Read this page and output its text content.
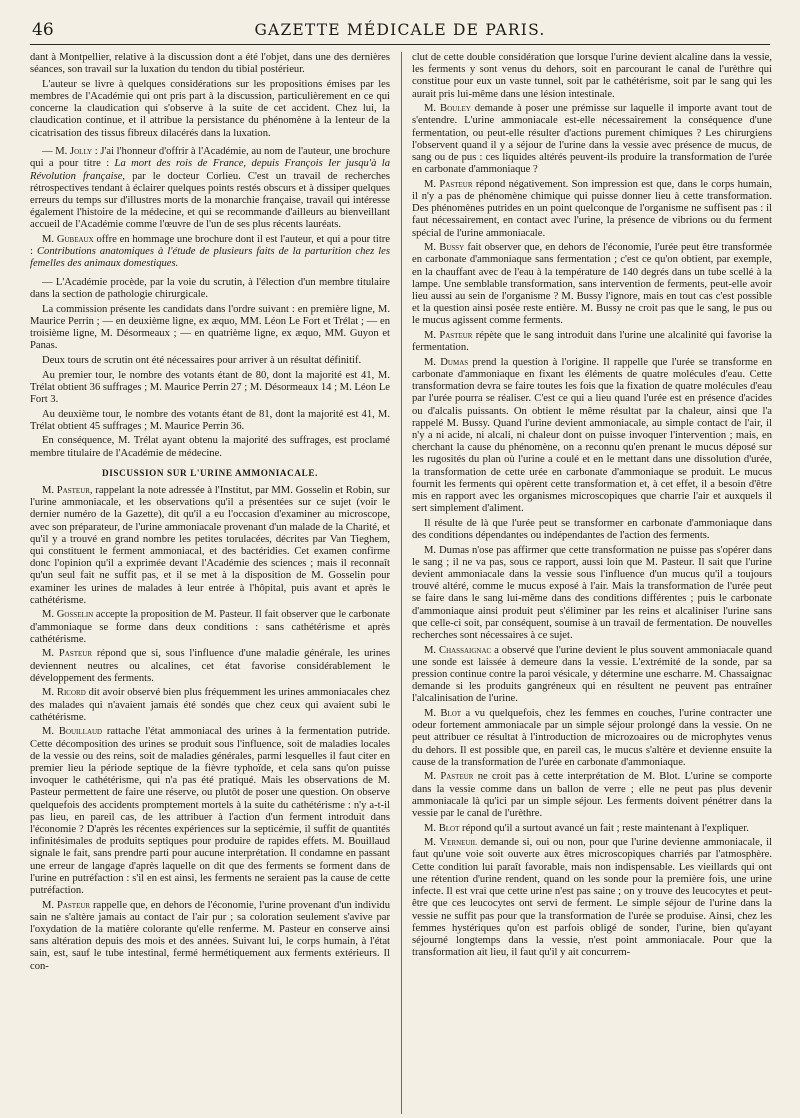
46	GAZETTE MÉDICALE DE PARIS.

dant à Montpellier, relative à la discussion dont a été l'objet, dans une des dernières séances, son travail sur la luxation du tendon du tibial postérieur.

L'auteur se livre à quelques considérations sur les propositions émises par les membres de l'Académie qui ont pris part à la discussion, particulièrement en ce qui concerne la claudication qui s'observe à la suite de cet accident. Chez lui, la claudication continue, et il attribue la persistance du phénomène à la lenteur de la cicatrisation des tissus fibreux dilacérés dans la luxation.

— M. Jolly : J'ai l'honneur d'offrir à l'Académie, au nom de l'auteur, une brochure qui a pour titre : La mort des rois de France, depuis François Ier jusqu'à la Révolution française, par le docteur Corlieu. C'est un travail de recherches rétrospectives tendant à éclairer quelques points restés obscurs et à dissiper quelques erreurs du temps sur d'illustres morts de la monarchie française, travail qui intéresse également l'histoire de la médecine, et qui se recommande d'ailleurs au bienveillant accueil de l'Académie comme l'œuvre de l'un de ses plus récents lauréats.

M. Gubeaux offre en hommage une brochure dont il est l'auteur, et qui a pour titre : Contributions anatomiques à l'étude de plusieurs faits de la parturition chez les femelles des animaux domestiques.

— L'Académie procède, par la voie du scrutin, à l'élection d'un membre titulaire dans la section de pathologie chirurgicale.

La commission présente les candidats dans l'ordre suivant : en première ligne, M. Maurice Perrin ; — en deuxième ligne, ex æquo, MM. Léon Le Fort et Trélat ; — en troisième ligne, M. Désormeaux ; — en quatrième ligne, ex æquo, MM. Guyon et Panas.

Deux tours de scrutin ont été nécessaires pour arriver à un résultat définitif.

Au premier tour, le nombre des votants étant de 80, dont la majorité est 41, M. Trélat obtient 36 suffrages ; M. Maurice Perrin 27 ; M. Désormeaux 14 ; M. Léon Le Fort 3.

Au deuxième tour, le nombre des votants étant de 81, dont la majorité est 41, M. Trélat obtient 45 suffrages ; M. Maurice Perrin 36.

En conséquence, M. Trélat ayant obtenu la majorité des suffrages, est proclamé membre titulaire de l'Académie de médecine.

DISCUSSION SUR L'URINE AMMONIACALE.

M. Pasteur, rappelant la note adressée à l'Institut, par MM. Gosselin et Robin, sur l'urine ammoniacale, et les observations qu'il a présentées sur ce sujet (voir le dernier numéro de la Gazette), dit qu'il a eu l'occasion d'examiner au microscope, avec son préparateur, de l'urine ammoniacale provenant d'un malade de la Charité, et qu'il y a trouvé en grand nombre les petites torulacées, décrites par Van Tieghem, qui constituent le ferment ammoniacal, et des bactéridies. Cet examen confirme donc l'opinion qu'il a exprimée devant l'Académie des sciences ; mais il reconnaît qu'un seul fait ne suffit pas, et il se met à la disposition de M. Gosselin pour examiner les urines de malades à leur entrée à l'hôpital, puis avant et après le cathétérisme.

M. Gosselin accepte la proposition de M. Pasteur. Il fait observer que le carbonate d'ammoniaque se forme dans deux conditions : sans cathétérisme et après cathétérisme.

M. Pasteur répond que si, sous l'influence d'une maladie générale, les urines deviennent neutres ou alcalines, cet état favorise considérablement le développement des ferments.

M. Ricord dit avoir observé bien plus fréquemment les urines ammoniacales chez des malades qui n'avaient jamais été sondés que chez ceux qui avaient subi le cathétérisme.

M. Bouillaud rattache l'état ammoniacal des urines à la fermentation putride. Cette décomposition des urines se produit sous l'influence, soit de maladies locales de la vessie ou des reins, soit de maladies générales, parmi lesquelles il faut citer en premier lieu la période septique de la fièvre typhoïde, et cela sans qu'on puisse invoquer le cathétérisme, qui n'a pas été pratiqué. Mais les observations de M. Pasteur permettent de faire une réserve, ou plutôt de poser une question. On observe quelquefois des accidents promptement mortels à la suite du cathétérisme : n'y a-t-il pas lieu, en pareil cas, de les attribuer à l'action d'un ferment introduit dans l'économie ? D'après les récentes expériences sur la septicémie, il suffit de quantités infinitésimales de produits septiques pour produire de rapides effets. M. Bouillaud signale le fait, sans prendre parti pour aucune interprétation. Il condamne en passant une erreur de langage d'après laquelle on dit que des ferments se forment dans de l'urine en putréfaction : s'il en est ainsi, les ferments ne seraient pas la cause de cette putréfaction.

M. Pasteur rappelle que, en dehors de l'économie, l'urine provenant d'un individu sain ne s'altère jamais au contact de l'air pur ; sa coloration seulement s'avive par l'oxydation de la matière colorante qu'elle renferme. M. Pasteur en conserve ainsi sans altération depuis des mois et des années. Suivant lui, le corps humain, à l'état sain, est, sauf le tube intestinal, fermé hermétiquement aux ferments extérieurs. Il con-

clut de cette double considération que lorsque l'urine devient alcaline dans la vessie, les ferments y sont venus du dehors, soit en parcourant le canal de l'urèthre qui constitue pour eux un vaste tunnel, soit par le cathétérisme, soit par le sang qui les aurait pris lui-même dans une lésion intestinale.

M. Bouley demande à poser une prémisse sur laquelle il importe avant tout de s'entendre. L'urine ammoniacale est-elle nécessairement la conséquence d'une fermentation, ou peut-elle résulter d'actions purement chimiques ? Les chirurgiens l'observent quand il y a séjour de l'urine dans la vessie avec présence de mucus, de sang ou de pus : ces liquides altérés peuvent-ils produire la transformation de l'urée en carbonate d'ammoniaque ?

M. Pasteur répond négativement. Son impression est que, dans le corps humain, il n'y a pas de phénomène chimique qui puisse donner lieu à cette transformation. Des phénomènes putrides en un point quelconque de l'organisme ne suffisent pas : il faut nécessairement, en contact avec l'urine, la présence de vibrions ou du ferment spécial de l'urine ammoniacale.

M. Bussy fait observer que, en dehors de l'économie, l'urée peut être transformée en carbonate d'ammoniaque sans fermentation ; c'est ce qu'on obtient, par exemple, en la chauffant avec de l'eau à la température de 140 degrés dans un tube scellé à la lampe. Une semblable transformation, sans intervention de ferments, peut-elle avoir lieu aussi au sein de l'organisme ? M. Bussy l'ignore, mais en tout cas c'est possible et la question ainsi posée reste entière. M. Bussy ne croit pas que le sang, le pus ou le mucus agissent comme ferments.

M. Pasteur répète que le sang introduit dans l'urine une alcalinité qui favorise la fermentation.

M. Dumas prend la question à l'origine. Il rappelle que l'urée se transforme en carbonate d'ammoniaque en fixant les éléments de quatre molécules d'eau. Cette transformation devra se faire toutes les fois que la fixation de quatre molécules d'eau par l'urée pourra se réaliser. C'est ce qui a lieu quand l'urée est en présence d'acides ou d'alcalis puissants. On obtient le même résultat par la chaleur, ainsi que l'a rappelé M. Bussy. Quand l'urine devient ammoniacale, au simple contact de l'air, il n'y a ni acide, ni alcali, ni chaleur dont on puisse invoquer l'intervention ; mais, en cherchant la cause du phénomène, on a reconnu qu'en prenant le mucus déposé sur les rugosités du plan où l'urine a coulé et en le mettant dans une dissolution d'urée, la transformation de cette urée en carbonate d'ammoniaque se produit. Le mucus fournit les ferments qui opèrent cette transformation et, à cet effet, il a besoin d'être mis en rapport avec les organismes microscopiques que charrie l'air et auxquels il sert simplement d'aliment.

Il résulte de là que l'urée peut se transformer en carbonate d'ammoniaque dans des conditions dépendantes ou indépendantes de l'action des ferments.

M. Dumas n'ose pas affirmer que cette transformation ne puisse pas s'opérer dans le sang ; il ne va pas, sous ce rapport, aussi loin que M. Pasteur. Il sait que l'urine devient ammoniacale dans la vessie sous l'influence d'un mucus qu'il a toujours trouvé altéré, comme le mucus exposé à l'air. Mais la transformation de l'urée peut se faire dans le sang lui-même dans des conditions différentes ; puis le carbonate d'ammoniaque ainsi produit peut s'éliminer par les reins et alcaliniser l'urine sans que celle-ci soit, par conséquent, soumise à un travail de fermentation. De nouvelles recherches sont nécessaires à ce sujet.

M. Chassaignac a observé que l'urine devient le plus souvent ammoniacale quand une sonde est laissée à demeure dans la vessie. L'extrémité de la sonde, par sa pression continue contre la paroi vésicale, y détermine une escharre. M. Chassaignac demande si les produits gangréneux qui en résultent ne peuvent pas entraîner l'alcalinisation de l'urine.

M. Blot a vu quelquefois, chez les femmes en couches, l'urine contracter une odeur fortement ammoniacale par un simple séjour prolongé dans la vessie. On ne peut attribuer ce résultat à l'introduction de microzoaires ou de microphytes venus du dehors. Il est possible que, en pareil cas, le mucus s'altère et devienne ensuite la cause de la transformation de l'urée en carbonate d'ammoniaque.

M. Pasteur ne croit pas à cette interprétation de M. Blot. L'urine se comporte dans la vessie comme dans un ballon de verre ; elle ne peut pas plus devenir ammoniacale là qu'ici par un simple séjour. Les ferments doivent pénétrer dans la vessie par le canal de l'urèthre.

M. Blot répond qu'il a surtout avancé un fait ; reste maintenant à l'expliquer.

M. Verneuil demande si, oui ou non, pour que l'urine devienne ammoniacale, il faut qu'une voie soit ouverte aux êtres microscopiques charriés par l'atmosphère. Cette condition lui paraît favorable, mais non indispensable. Les vieillards qui ont une rétention d'urine rendent, quand on les sonde pour la première fois, une urine infecte. Il est vrai que cette urine n'est pas saine ; on y trouve des leucocytes et peut-être que ces leucocytes ont servi de ferment. Le simple séjour de l'urine dans la vessie ne suffit pas pour que la transformation de l'urée se produise. Ainsi, chez les femmes hystériques qu'on est parfois obligé de sonder, l'urine, bien qu'ayant séjourné longtemps dans la vessie, n'est point ammoniacale. Pour que la transformation ait lieu, il faut qu'il y ait concurrem-
